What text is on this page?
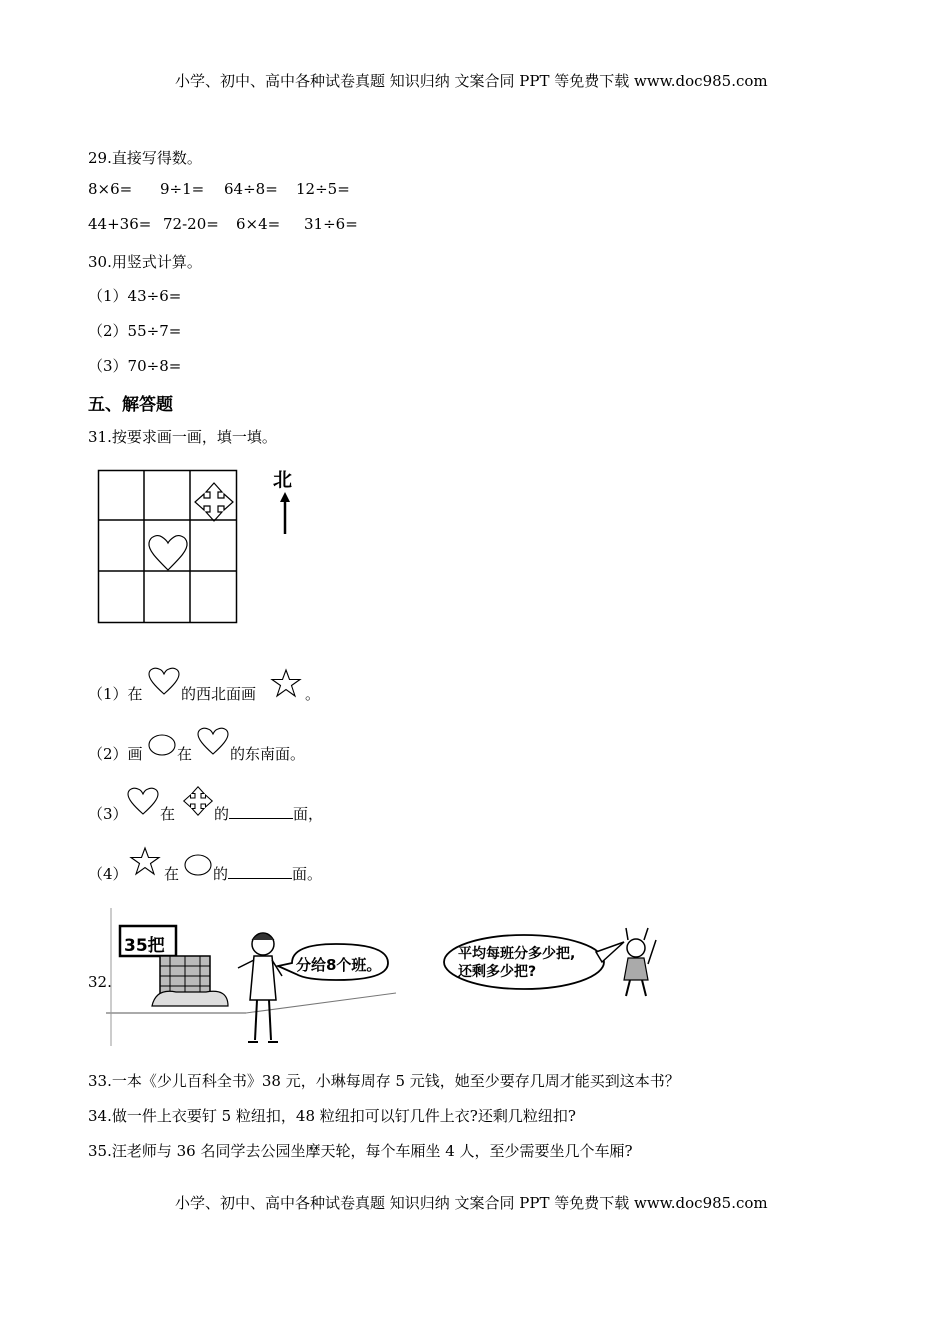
小学、初中、高中各种试卷真题 知识归纳 文案合同 PPT 等免费下载 www.doc985.com
29.直接写得数。
8×6= 9÷1= 64÷8= 12÷5=
44+36= 72-20= 6×4= 31÷6=
30.用竖式计算。
（1）43÷6=
（2）55÷7=
（3）70÷8=
五、解答题
31.按要求画一画，填一填。
北
（1）在	的西北面画	。
（2）画 在	的东南面。
（3） 在	的	面，
（4） 在 的	面。
32.
35把
分给8个班。
平均每班分多少把,
还剩多少把?
33.一本《少儿百科全书》38 元，小琳每周存 5 元钱，她至少要存几周才能买到这本书？
34.做一件上衣要钉 5 粒纽扣，48 粒纽扣可以钉几件上衣?还剩几粒纽扣?
35.汪老师与 36 名同学去公园坐摩天轮，每个车厢坐 4 人，至少需要坐几个车厢?
小学、初中、高中各种试卷真题 知识归纳 文案合同 PPT 等免费下载 www.doc985.com
